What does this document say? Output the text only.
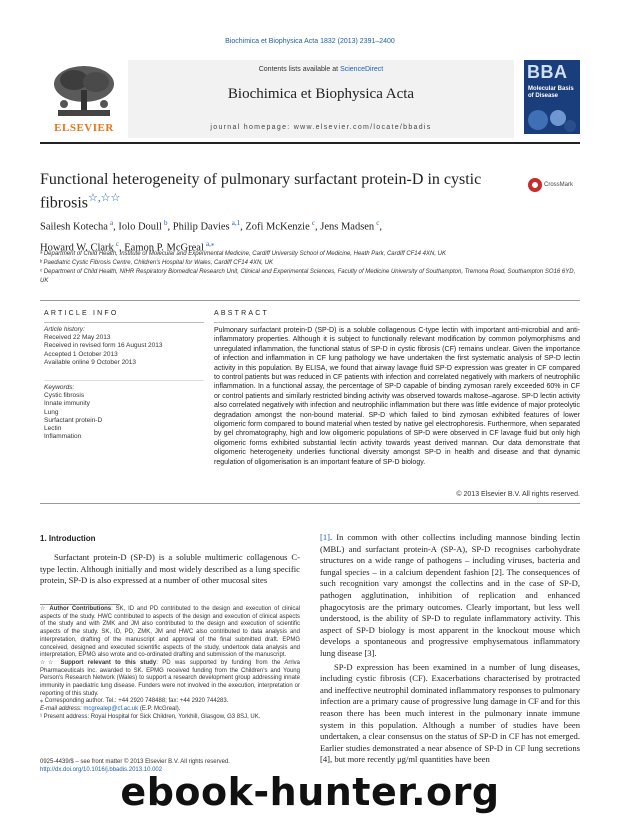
Biochimica et Biophysica Acta 1832 (2013) 2391–2400
ELSEVIER
Contents lists available at ScienceDirect
Biochimica et Biophysica Acta
journal homepage: www.elsevier.com/locate/bbadis
BBA
Molecular Basis of Disease
Functional heterogeneity of pulmonary surfactant protein-D in cystic fibrosis☆,☆☆
CrossMark
Sailesh Kotecha  $^a$, Iolo Doull  $^b$, Philip Davies  $^{a,1}$, Zofi McKenzie  $^c$, Jens Madsen  $^c$,
Howard W. Clark  $^c$, Eamon P. McGreal  $^{a,⁎}$
ᵃ Department of Child Health, Institute of Molecular and Experimental Medicine, Cardiff University School of Medicine, Heath Park, Cardiff CF14 4XN, UK
ᵇ Paediatric Cystic Fibrosis Centre, Children's Hospital for Wales, Cardiff CF14 4XN, UK
ᶜ Department of Child Health, NIHR Respiratory Biomedical Research Unit, Clinical and Experimental Sciences, Faculty of Medicine University of Southampton, Tremona Road, Southampton SO16 6YD, UK
ARTICLE INFO
Article history:
Received 22 May 2013
Received in revised form 16 August 2013
Accepted 1 October 2013
Available online 9 October 2013
Keywords:
Cystic fibrosis
Innate immunity
Lung
Surfactant protein-D
Lectin
Inflammation
ABSTRACT
Pulmonary surfactant protein-D (SP-D) is a soluble collagenous C-type lectin with important anti-microbial and anti-inflammatory properties. Although it is subject to functionally relevant modification by common polymorphisms and unregulated inflammation, the functional status of SP-D in cystic fibrosis (CF) remains unclear. Given the importance of infection and inflammation in CF lung pathology we have undertaken the first systematic analysis of SP-D lectin activity in this population. By ELISA, we found that airway lavage fluid SP-D expression was greater in CF compared to control patients but was reduced in CF patients with infection and correlated negatively with markers of neutrophilic inflammation. In a functional assay, the percentage of SP-D capable of binding zymosan rarely exceeded 60% in CF or control patients and similarly restricted binding activity was observed towards maltose–agarose. SP-D lectin activity also correlated negatively with infection and neutrophilic inflammation but there was little evidence of major proteolytic degradation amongst the non-bound material. SP-D which failed to bind zymosan exhibited features of lower oligomeric form compared to bound material when tested by native gel electrophoresis. Furthermore, when separated by gel chromatography, high and low oligomeric populations of SP-D were observed in CF lavage fluid but only high oligomeric forms exhibited substantial lectin activity towards yeast derived mannan. Our data demonstrate that oligomeric heterogeneity underlies functional diversity amongst SP-D in health and disease and that dynamic regulation of oligomerisation is an important feature of SP-D biology.
© 2013 Elsevier B.V. All rights reserved.
1. Introduction
Surfactant protein-D (SP-D) is a soluble multimeric collagenous C-type lectin. Although initially and most widely described as a lung specific protein, SP-D is also expressed at a number of other mucosal sites
☆ Author Contributions: SK, ID and PD contributed to the design and execution of clinical aspects of the study. HWC contributed to aspects of the design and execution of clinical aspects of the study and with ZMK and JM also contributed to the design and execution of scientific aspects of the study. SK, ID, PD, ZMK, JM and HWC also contributed to data analysis and interpretation, drafting of the manuscript and approval of the final submitted draft. EPMG conceived, designed and executed scientific aspects of the study, undertook data analysis and interpretation, EPMG also wrote and co-ordinated drafting and submission of the manuscript.
☆☆ Support relevant to this study: PD was supported by funding from the Arriva Pharmaceuticals Inc. awarded to SK. EPMG received funding from the Children's and Young Person's Research Network (Wales) to support a research development group addressing innate immunity in paediatric lung disease. Funders were not involved in the execution, interpretation or reporting of this study.
⁎ Corresponding author. Tel.: +44 2920 748488; fax: +44 2920 744283.
E-mail address: mcgrealep@cf.ac.uk (E.P. McGreal).
¹ Present address: Royal Hospital for Sick Children, Yorkhill, Glasgow, G3 8SJ, UK.
0925-4439/$ – see front matter © 2013 Elsevier B.V. All rights reserved.
http://dx.doi.org/10.1016/j.bbadis.2013.10.002
[1]. In common with other collectins including mannose binding lectin (MBL) and surfactant protein-A (SP-A), SP-D recognises carbohydrate structures on a wide range of pathogens – including viruses, bacteria and fungal species – in a calcium dependent fashion [2]. The consequences of such recognition vary amongst the collectins and in the case of SP-D, pathogen agglutination, inhibition of replication and enhanced phagocytosis are the primary outcomes. Clearly important, but less well understood, is the ability of SP-D to regulate inflammatory activity. This aspect of SP-D biology is most apparent in the knockout mouse which develops a spontaneous and progressive emphysematous inflammatory lung disease [3].
SP-D expression has been examined in a number of lung diseases, including cystic fibrosis (CF). Exacerbations characterised by protracted and ineffective neutrophil dominated inflammatory responses to pulmonary infection are a primary cause of progressive lung damage in CF and for this reason there has been much interest in the pulmonary innate immune system in this population. Although a number of studies have been undertaken, a clear consensus on the status of SP-D in CF has not emerged. Earlier studies demonstrated a near absence of SP-D in CF lung secretions [4], but more recently μg/ml quantities have been
ebook-hunter.org
